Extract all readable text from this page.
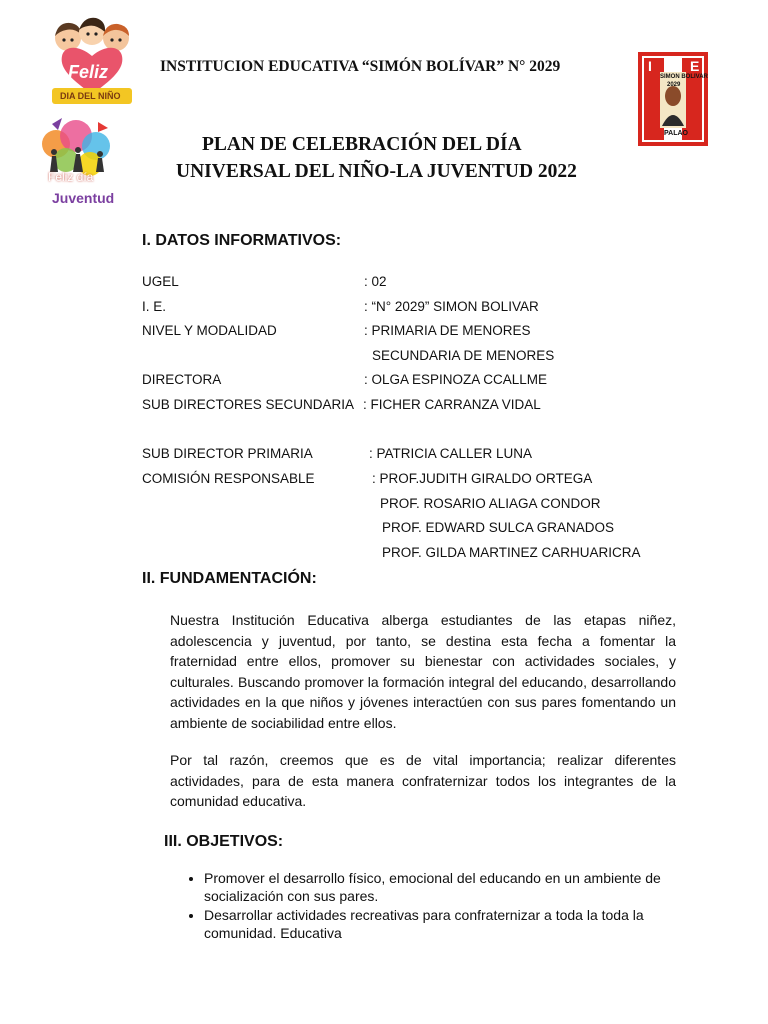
Feliz
DIA DEL NIÑO
Feliz día
Juventud
I	E
SIMON BOLIVAR
2029
PALAO
INSTITUCION EDUCATIVA “SIMÓN BOLÍVAR” N° 2029
PLAN DE CELEBRACIÓN DEL DÍA
UNIVERSAL DEL NIÑO-LA JUVENTUD 2022
I. DATOS INFORMATIVOS:
UGEL	: 02
I. E.	: “N° 2029” SIMON BOLIVAR
NIVEL Y MODALIDAD	: PRIMARIA DE MENORES
SECUNDARIA DE MENORES
DIRECTORA	: OLGA ESPINOZA CCALLME
SUB DIRECTORES SECUNDARIA : FICHER CARRANZA VIDAL
SUB DIRECTOR PRIMARIA	: PATRICIA CALLER LUNA
COMISIÓN RESPONSABLE	: PROF.JUDITH GIRALDO ORTEGA
PROF. ROSARIO ALIAGA CONDOR
PROF. EDWARD SULCA GRANADOS
PROF. GILDA MARTINEZ CARHUARICRA
II. FUNDAMENTACIÓN:

Nuestra Institución Educativa alberga estudiantes de las etapas niñez, adolescencia y juventud, por tanto, se destina esta fecha a fomentar la fraternidad entre ellos, promover su bienestar con actividades sociales, y culturales. Buscando promover la formación integral del educando, desarrollando actividades en la que niños y jóvenes interactúen con sus pares fomentando un ambiente de sociabilidad entre ellos.

Por tal razón, creemos que es de vital importancia; realizar diferentes actividades, para de esta manera confraternizar todos los integrantes de la comunidad educativa.

III. OBJETIVOS:
• Promover el desarrollo físico, emocional del educando en un ambiente de socialización con sus pares.
• Desarrollar actividades recreativas para confraternizar a toda la toda la comunidad. Educativa
